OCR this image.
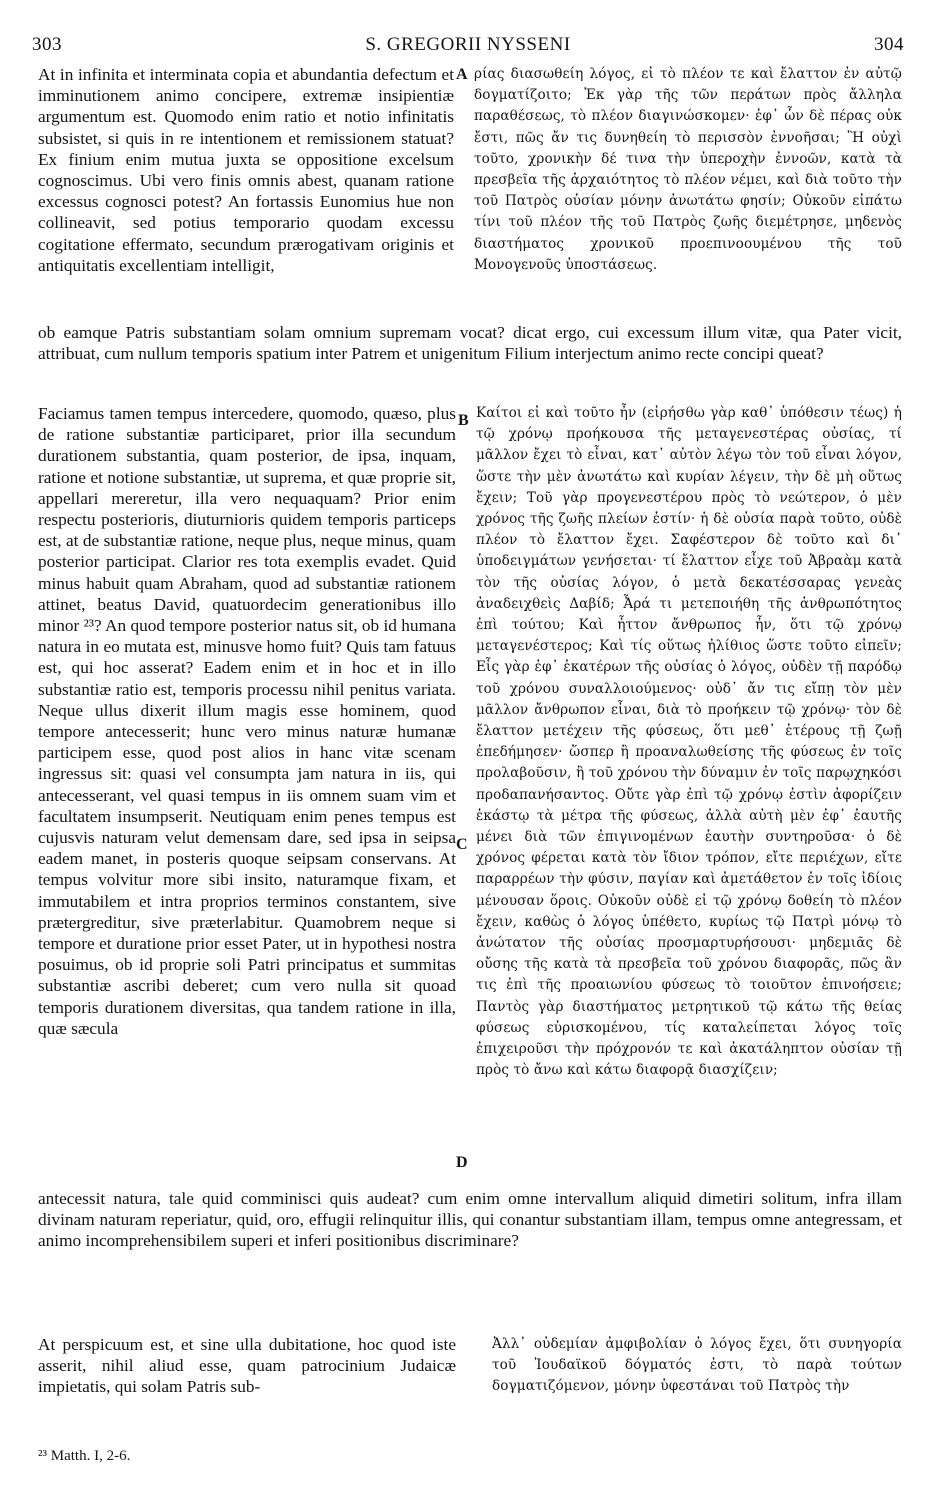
303	S. GREGORII NYSSENI	304
At in infinita et interminata copia et abundantia defectum et imminutionem animo concipere, extremæ insipientiæ argumentum est. Quomodo enim ratio et notio infinitatis subsistet, si quis in re intentionem et remissionem statuat? Ex finium enim mutua juxta se oppositione excelsum cognoscimus. Ubi vero finis omnis abest, quanam ratione excessus cognosci potest? An fortassis Eunomius hue non collineavit, sed potius temporario quodam excessu cogitatione effermato, secundum prærogativam originis et antiquitatis excellentiam intelligit,
A ρίας διασωθείη λόγος, εἰ τὸ πλέον τε καὶ ἔλαττον ἐν αὐτῷ δογματίζοιτο; Ἐκ γὰρ τῆς τῶν περάτων πρὸς ἄλληλα παραθέσεως, τὸ πλέον διαγινώσκομεν· ἐφ᾽ ὧν δὲ πέρας οὐκ ἔστι, πῶς ἄν τις δυνηθείη τὸ περισσὸν ἐννοῆσαι; Ἢ οὐχὶ τοῦτο, χρονικὴν δέ τινα τὴν ὑπεροχὴν ἐννοῶν, κατὰ τὰ πρεσβεῖα τῆς ἀρχαιότητος τὸ πλέον νέμει, καὶ διὰ τοῦτο τὴν τοῦ Πατρὸς οὐσίαν μόνην ἀνωτάτω φησίν; Οὐκοῦν εἰπάτω τίνι τοῦ πλέον τῆς τοῦ Πατρὸς ζωῆς διεμέτρησε, μηδενὸς διαστήματος χρονικοῦ προεπινοουμένου τῆς τοῦ Μονογενοῦς ὑποστάσεως.
ob eamque Patris substantiam solam omnium supremam vocat? dicat ergo, cui excessum illum vitæ, qua Pater vicit, attribuat, cum nullum temporis spatium inter Patrem et unigenitum Filium interjectum animo recte concipi queat?
Faciamus tamen tempus intercedere, quomodo, quæso, plus de ratione substantiæ participaret, prior illa secundum durationem substantia, quam posterior, de ipsa, inquam, ratione et notione substantiæ, ut suprema, et quæ proprie sit, appellari mereretur, illa vero nequaquam? Prior enim respectu posterioris, diuturnioris quidem temporis particeps est, at de substantiæ ratione, neque plus, neque minus, quam posterior participat. Clarior res tota exemplis evadet. Quid minus habuit quam Abraham, quod ad substantiæ rationem attinet, beatus David, quatuordecim generationibus illo minor ²³? An quod tempore posterior natus sit, ob id humana natura in eo mutata est, minusve homo fuit? Quis tam fatuus est, qui hoc asserat? Eadem enim et in hoc et in illo substantiæ ratio est, temporis processu nihil penitus variata. Neque ullus dixerit illum magis esse hominem, quod tempore antecesserit; hunc vero minus naturæ humanæ participem esse, quod post alios in hanc vitæ scenam ingressus sit: quasi vel consumpta jam natura in iis, qui antecesserant, vel quasi tempus in iis omnem suam vim et facultatem insumpserit. Neutiquam enim penes tempus est cujusvis naturam velut demensam dare, sed ipsa in seipsa eadem manet, in posteris quoque seipsam conservans. At tempus volvitur more sibi insito, naturamque fixam, et immutabilem et intra proprios terminos constantem, sive prætergreditur, sive præterlabitur. Quamobrem neque si tempore et duratione prior esset Pater, ut in hypothesi nostra posuimus, ob id proprie soli Patri principatus et summitas substantiæ ascribi deberet; cum vero nulla sit quoad temporis durationem diversitas, qua tandem ratione in illa, quæ sæcula
B
C
D
Καίτοι εἰ καὶ τοῦτο ἦν (εἰρήσθω γὰρ καθ᾽ ὑπόθεσιν τέως) ἡ τῷ χρόνῳ προήκουσα τῆς μεταγενεστέρας οὐσίας, τί μᾶλλον ἔχει τὸ εἶναι, κατ᾽ αὐτὸν λέγω τὸν τοῦ εἶναι λόγον, ὥστε τὴν μὲν ἀνωτάτω καὶ κυρίαν λέγειν, τὴν δὲ μὴ οὕτως ἔχειν; Τοῦ γὰρ προγενεστέρου πρὸς τὸ νεώτερον, ὁ μὲν χρόνος τῆς ζωῆς πλείων ἐστίν· ἡ δὲ οὐσία παρὰ τοῦτο, οὐδὲ πλέον τὸ ἔλαττον ἔχει. Σαφέστερον δὲ τοῦτο καὶ δι᾽ ὑποδειγμάτων γενήσεται· τί ἔλαττον εἶχε τοῦ Ἀβραὰμ κατὰ τὸν τῆς οὐσίας λόγον, ὁ μετὰ δεκατέσσαρας γενεὰς ἀναδειχθεὶς Δαβίδ; Ἆρά τι μετεποιήθη τῆς ἀνθρωπότητος ἐπὶ τούτου; Καὶ ἧττον ἄνθρωπος ἦν, ὅτι τῷ χρόνῳ μεταγενέστερος; Καὶ τίς οὕτως ἠλίθιος ὥστε τοῦτο εἰπεῖν; Εἷς γὰρ ἐφ᾽ ἑκατέρων τῆς οὐσίας ὁ λόγος, οὐδὲν τῇ παρόδῳ τοῦ χρόνου συναλλοιούμενος· οὐδ᾽ ἄν τις εἴπῃ τὸν μὲν μᾶλλον ἄνθρωπον εἶναι, διὰ τὸ προήκειν τῷ χρόνῳ· τὸν δὲ ἔλαττον μετέχειν τῆς φύσεως, ὅτι μεθ᾽ ἑτέρους τῇ ζωῇ ἐπεδήμησεν· ὥσπερ ἢ προαναλωθείσης τῆς φύσεως ἐν τοῖς προλαβοῦσιν, ἢ τοῦ χρόνου τὴν δύναμιν ἐν τοῖς παρῳχηκόσι προδαπανήσαντος. Οὔτε γὰρ ἐπὶ τῷ χρόνῳ ἐστὶν ἀφορίζειν ἑκάστῳ τὰ μέτρα τῆς φύσεως, ἀλλὰ αὐτὴ μὲν ἐφ᾽ ἑαυτῆς μένει διὰ τῶν ἐπιγινομένων ἑαυτὴν συντηροῦσα· ὁ δὲ χρόνος φέρεται κατὰ τὸν ἴδιον τρόπον, εἴτε περιέχων, εἴτε παραρρέων τὴν φύσιν, παγίαν καὶ ἀμετάθετον ἐν τοῖς ἰδίοις μένουσαν ὅροις. Οὐκοῦν οὐδὲ εἰ τῷ χρόνῳ δοθείη τὸ πλέον ἔχειν, καθὼς ὁ λόγος ὑπέθετο, κυρίως τῷ Πατρὶ μόνῳ τὸ ἀνώτατον τῆς οὐσίας προσμαρτυρήσουσι· μηδεμιᾶς δὲ οὔσης τῆς κατὰ τὰ πρεσβεῖα τοῦ χρόνου διαφορᾶς, πῶς ἂν τις ἐπὶ τῆς προαιωνίου φύσεως τὸ τοιοῦτον ἐπινοήσειε; Παντὸς γὰρ διαστήματος μετρητικοῦ τῷ κάτω τῆς θείας φύσεως εὑρισκομένου, τίς καταλείπεται λόγος τοῖς ἐπιχειροῦσι τὴν πρόχρονόν τε καὶ ἀκατάληπτον οὐσίαν τῇ πρὸς τὸ ἄνω καὶ κάτω διαφορᾷ διασχίζειν;
antecessit natura, tale quid comminisci quis audeat? cum enim omne intervallum aliquid dimetiri solitum, infra illam divinam naturam reperiatur, quid, oro, effugii relinquitur illis, qui conantur substantiam illam, tempus omne antegressam, et animo incomprehensibilem superi et inferi positionibus discriminare?
At perspicuum est, et sine ulla dubitatione, hoc quod iste asserit, nihil aliud esse, quam patrocinium Judaicæ impietatis, qui solam Patris sub-
Ἀλλ᾽ οὐδεμίαν ἀμφιβολίαν ὁ λόγος ἔχει, ὅτι συνηγορία τοῦ Ἰουδαϊκοῦ δόγματός ἐστι, τὸ παρὰ τούτων δογματιζόμενον, μόνην ὑφεστάναι τοῦ Πατρὸς τὴν
²³ Matth. I, 2-6.
